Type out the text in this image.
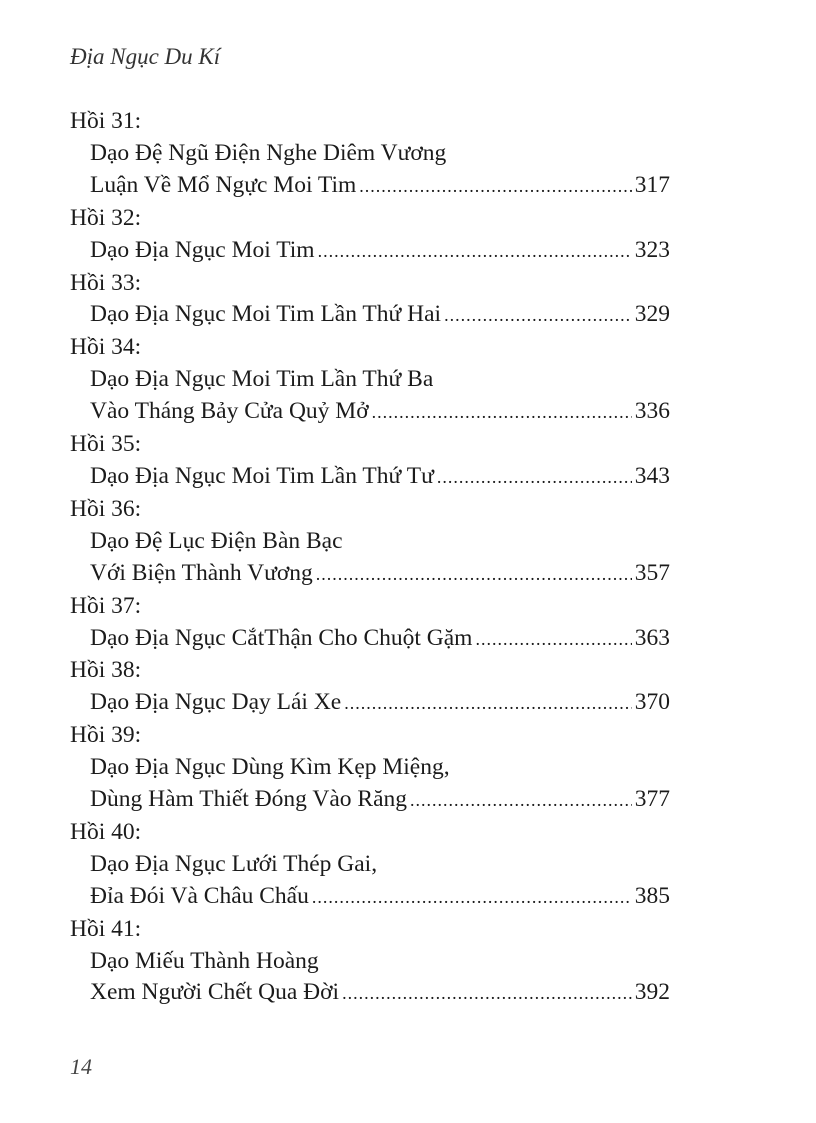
Địa Ngục Du Kí
Hồi 31:
Dạo Đệ Ngũ Điện Nghe Diêm Vương
Luận Về Mổ Ngực Moi Tim .....	317
Hồi 32:
Dạo Địa Ngục Moi Tim .....	323
Hồi 33:
Dạo Địa Ngục Moi Tim Lần Thứ Hai .....	329
Hồi 34:
Dạo Địa Ngục Moi Tim Lần Thứ Ba
Vào Tháng Bảy Cửa Quỷ Mở .....	336
Hồi 35:
Dạo Địa Ngục Moi Tim Lần Thứ Tư .....	343
Hồi 36:
Dạo Đệ Lục Điện Bàn Bạc
Với Biện Thành Vương .....	357
Hồi 37:
Dạo Địa Ngục CắtThận Cho Chuột Gặm .....	363
Hồi 38:
Dạo Địa Ngục Dạy Lái Xe .....	370
Hồi 39:
Dạo Địa Ngục Dùng Kìm Kẹp Miệng,
Dùng Hàm Thiết Đóng Vào Răng .....	377
Hồi 40:
Dạo Địa Ngục Lưới Thép Gai,
Đỉa Đói Và Châu Chấu .....	385
Hồi 41:
Dạo Miếu Thành Hoàng
Xem Người Chết Qua Đời .....	392
14
